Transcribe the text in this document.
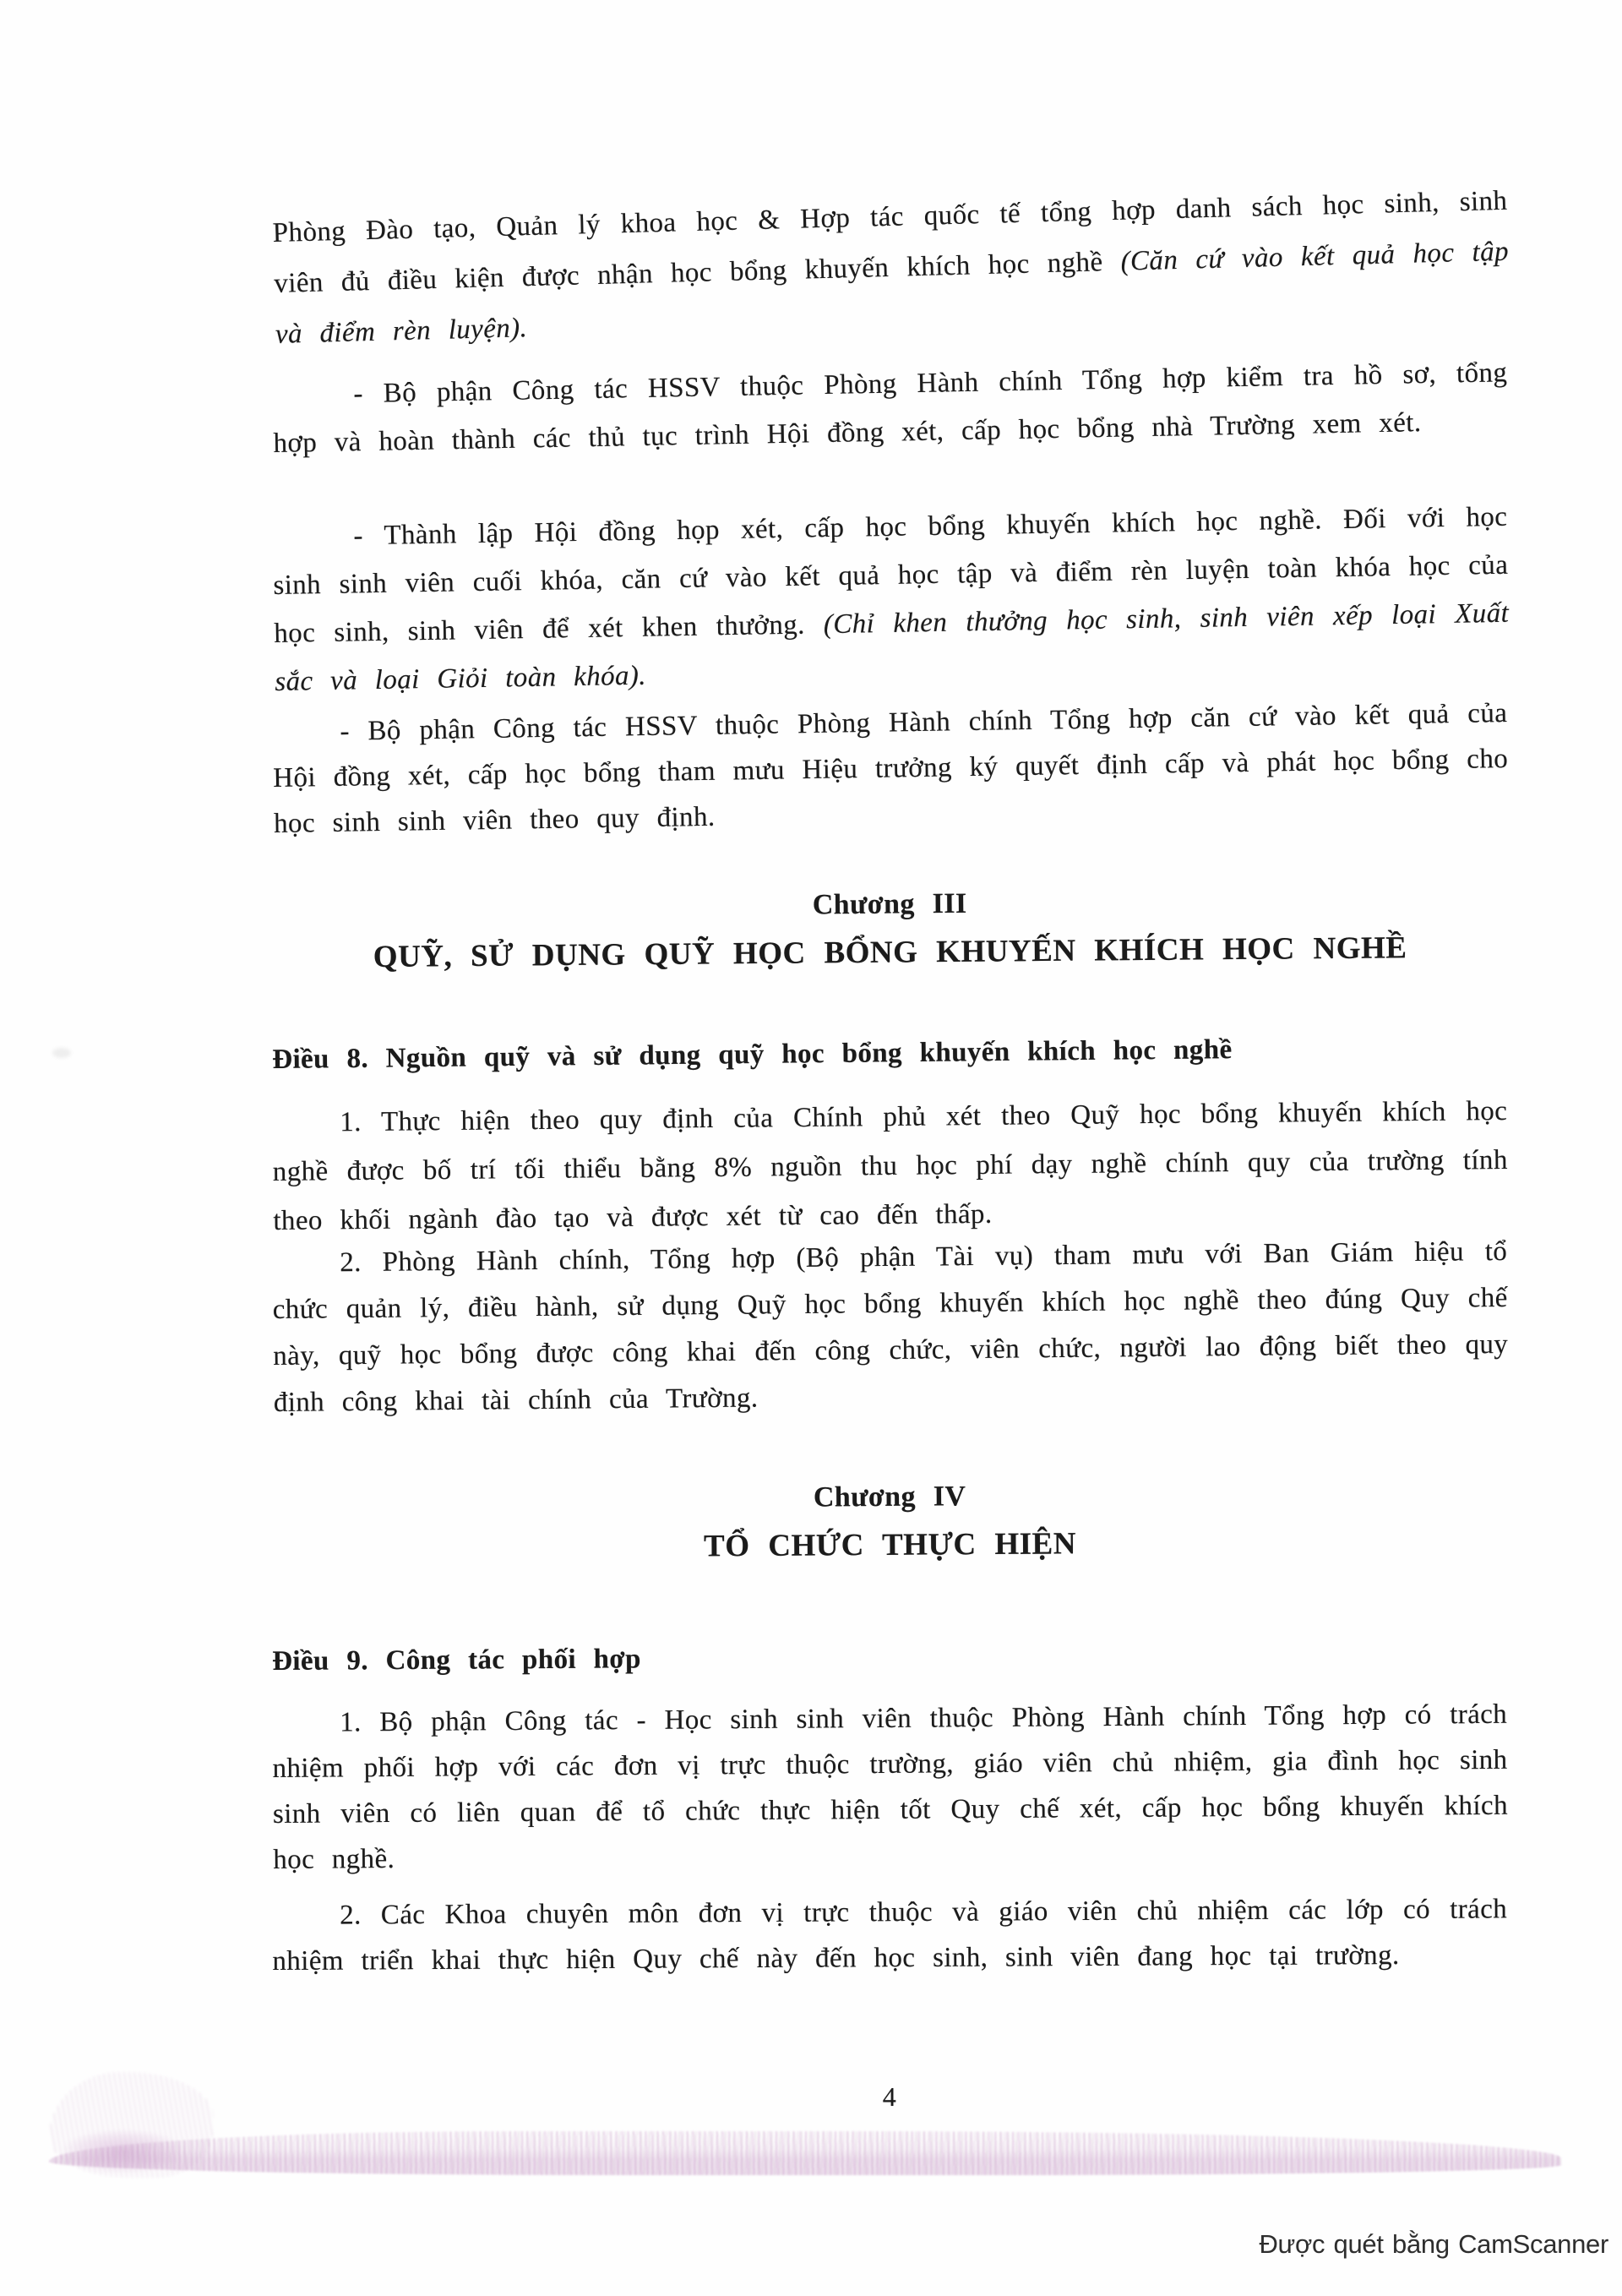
Phòng Đào tạo, Quản lý khoa học & Hợp tác quốc tế tổng hợp danh sách học sinh, sinh viên đủ điều kiện được nhận học bổng khuyến khích học nghề (Căn cứ vào kết quả học tập và điểm rèn luyện).

- Bộ phận Công tác HSSV thuộc Phòng Hành chính Tổng hợp kiểm tra hồ sơ, tổng hợp và hoàn thành các thủ tục trình Hội đồng xét, cấp học bổng nhà Trường xem xét.

- Thành lập Hội đồng họp xét, cấp học bổng khuyến khích học nghề. Đối với học sinh sinh viên cuối khóa, căn cứ vào kết quả học tập và điểm rèn luyện toàn khóa học của học sinh, sinh viên để xét khen thưởng. (Chỉ khen thưởng học sinh, sinh viên xếp loại Xuất sắc và loại Giỏi toàn khóa).

- Bộ phận Công tác HSSV thuộc Phòng Hành chính Tổng hợp căn cứ vào kết quả của Hội đồng xét, cấp học bổng tham mưu Hiệu trưởng ký quyết định cấp và phát học bổng cho học sinh sinh viên theo quy định.

Chương III
QUỸ, SỬ DỤNG QUỸ HỌC BỔNG KHUYẾN KHÍCH HỌC NGHỀ

Điều 8. Nguồn quỹ và sử dụng quỹ học bổng khuyến khích học nghề

1. Thực hiện theo quy định của Chính phủ xét theo Quỹ học bổng khuyến khích học nghề được bố trí tối thiểu bằng 8% nguồn thu học phí dạy nghề chính quy của trường tính theo khối ngành đào tạo và được xét từ cao đến thấp.

2. Phòng Hành chính, Tổng hợp (Bộ phận Tài vụ) tham mưu với Ban Giám hiệu tổ chức quản lý, điều hành, sử dụng Quỹ học bổng khuyến khích học nghề theo đúng Quy chế này, quỹ học bổng được công khai đến công chức, viên chức, người lao động biết theo quy định công khai tài chính của Trường.

Chương IV
TỔ CHỨC THỰC HIỆN

Điều 9. Công tác phối hợp

1. Bộ phận Công tác - Học sinh sinh viên thuộc Phòng Hành chính Tổng hợp có trách nhiệm phối hợp với các đơn vị trực thuộc trường, giáo viên chủ nhiệm, gia đình học sinh sinh viên có liên quan để tổ chức thực hiện tốt Quy chế xét, cấp học bổng khuyến khích học nghề.

2. Các Khoa chuyên môn đơn vị trực thuộc và giáo viên chủ nhiệm các lớp có trách nhiệm triển khai thực hiện Quy chế này đến học sinh, sinh viên đang học tại trường.

4
Được quét bằng CamScanner
